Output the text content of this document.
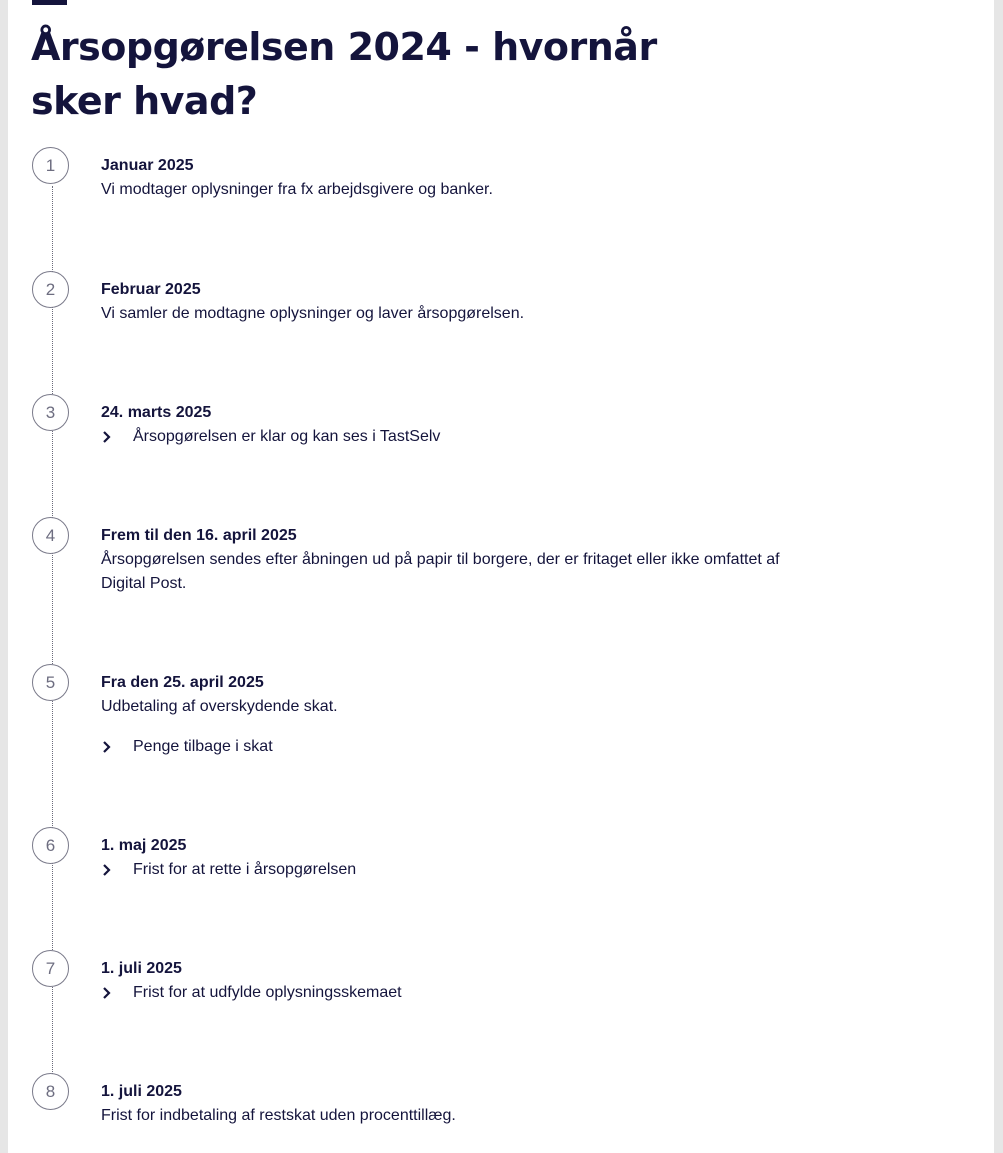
Årsopgørelsen 2024 - hvornår sker hvad?
1	Januar 2025

Vi modtager oplysninger fra fx arbejdsgivere og banker.

2	Februar 2025

Vi samler de modtagne oplysninger og laver årsopgørelsen.

3	24. marts 2025

Årsopgørelsen er klar og kan ses i TastSelv
4	Frem til den 16. april 2025

Årsopgørelsen sendes efter åbningen ud på papir til borgere, der er fritaget eller ikke omfattet af Digital Post.

5	Fra den 25. april 2025

Udbetaling af overskydende skat.

Penge tilbage i skat
6	1. maj 2025

Frist for at rette i årsopgørelsen
7	1. juli 2025

Frist for at udfylde oplysningsskemaet
8	1. juli 2025

Frist for indbetaling af restskat uden procenttillæg.
